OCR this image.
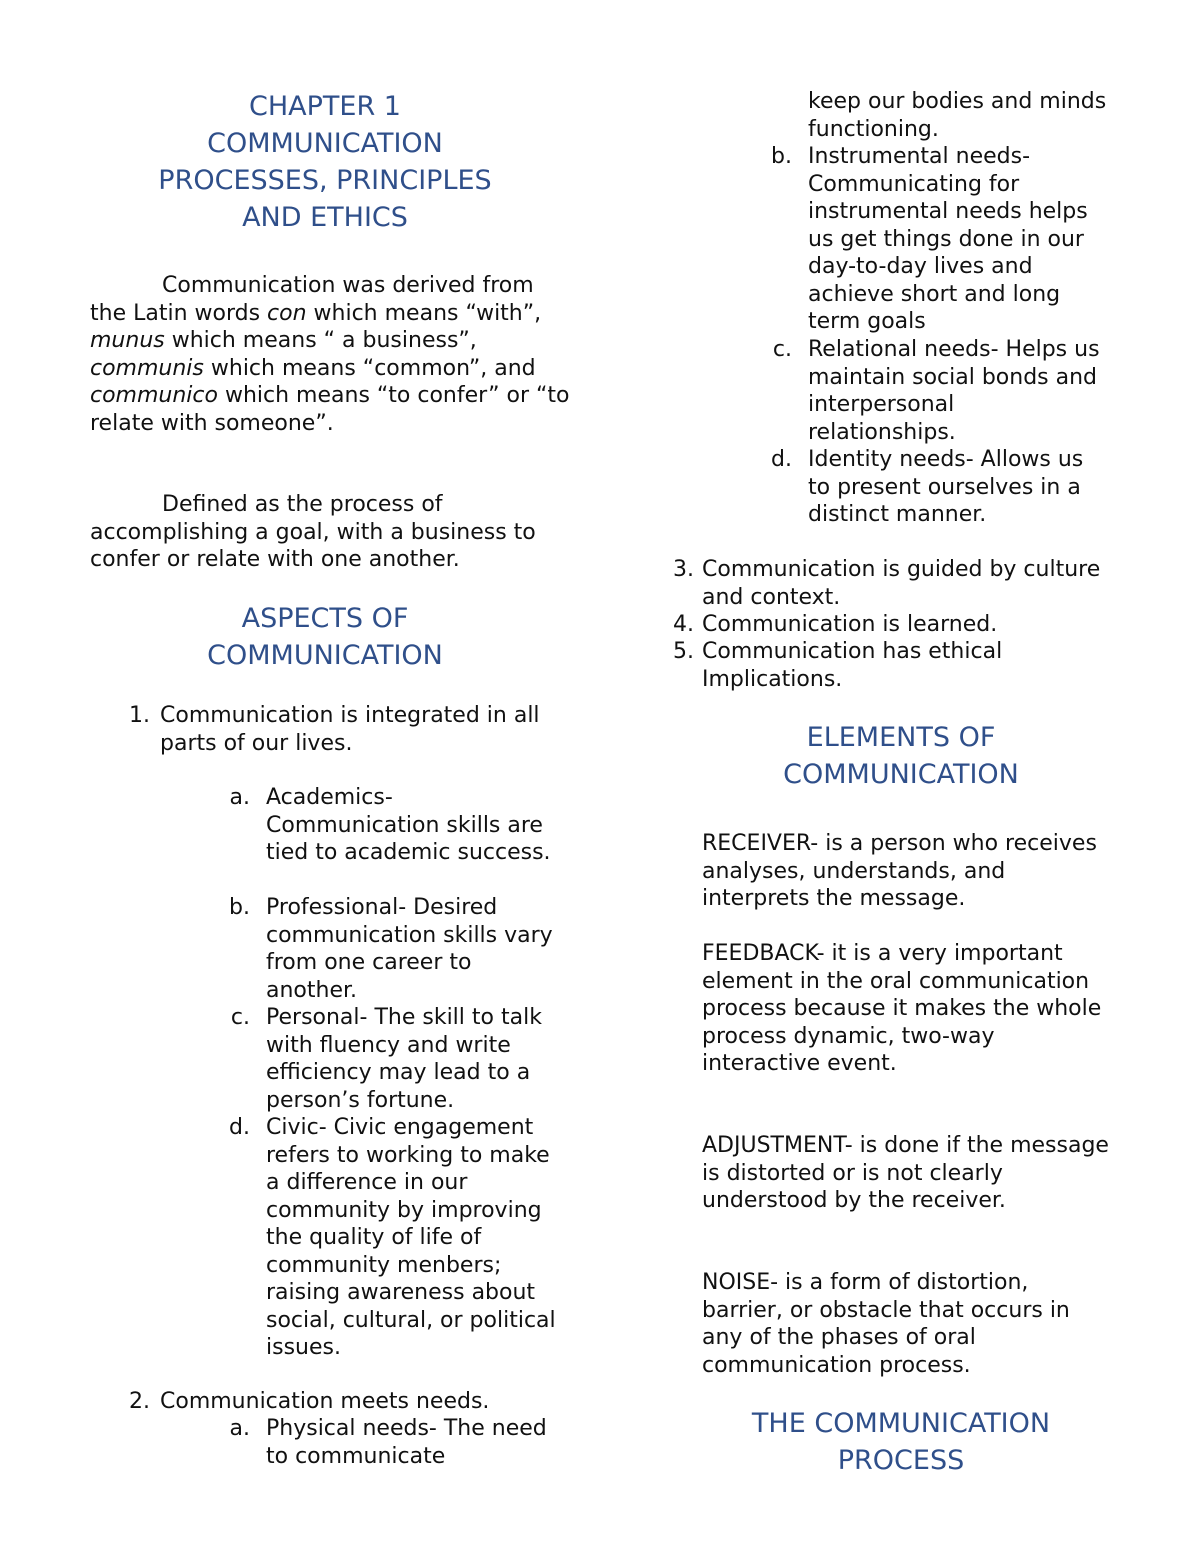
CHAPTER 1
COMMUNICATION
PROCESSES, PRINCIPLES
AND ETHICS

Communication was derived from the Latin words con which means “with”, munus which means “ a business”, communis which means “common”, and communico which means “to confer” or “to relate with someone”.

Defined as the process of accomplishing a goal, with a business to confer or relate with one another.

ASPECTS OF
COMMUNICATION
1. Communication is integrated in all parts of our lives.
a. Academics- Communication skills are tied to academic success.
b. Professional- Desired communication skills vary from one career to another.
c. Personal- The skill to talk with fluency and write efficiency may lead to a person’s fortune.
d. Civic- Civic engagement refers to working to make a difference in our community by improving the quality of life of community menbers; raising awareness about social, cultural, or political issues.
2. Communication meets needs.
a. Physical needs- The need to communicate
keep our bodies and minds functioning.
b. Instrumental needs- Communicating for instrumental needs helps us get things done in our day-to-day lives and achieve short and long term goals
c. Relational needs- Helps us maintain social bonds and interpersonal relationships.
d. Identity needs- Allows us to present ourselves in a distinct manner.
3. Communication is guided by culture and context.
4. Communication is learned.
5. Communication has ethical Implications.
ELEMENTS OF
COMMUNICATION

RECEIVER- is a person who receives analyses, understands, and interprets the message.

FEEDBACK- it is a very important element in the oral communication process because it makes the whole process dynamic, two-way interactive event.

ADJUSTMENT- is done if the message is distorted or is not clearly understood by the receiver.

NOISE- is a form of distortion, barrier, or obstacle that occurs in any of the phases of oral communication process.

THE COMMUNICATION
PROCESS
